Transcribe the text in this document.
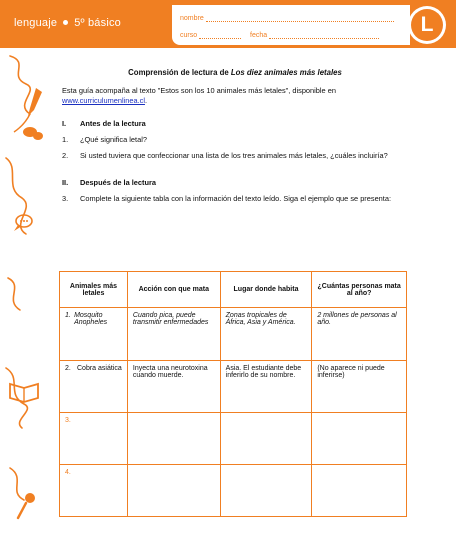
lenguaje 5º básico	nombre
curso	fecha	L
Comprensión de lectura de Los diez animales más letales
Esta guía acompaña al texto "Estos son los 10 animales más letales", disponible en www.curriculumenlinea.cl.
I.	Antes de la lectura
1.	¿Qué significa letal?
2.	Si usted tuviera que confeccionar una lista de los tres animales más letales, ¿cuáles incluiría?
II.	Después de la lectura
3.	Complete la siguiente tabla con la información del texto leído. Siga el ejemplo que se presenta:
Animales más letales	Acción con que mata	Lugar donde habita	¿Cuántas personas mata al año?

1. Mosquito Anopheles	Cuando pica, puede transmitir enfermedades	Zonas tropicales de África, Asia y América.	2 millones de personas al año.

2. Cobra asiática	Inyecta una neurotoxina cuando muerde.	Asia. El estudiante debe inferirlo de su nombre.	(No aparece ni puede inferirse)
3.			
4.			
